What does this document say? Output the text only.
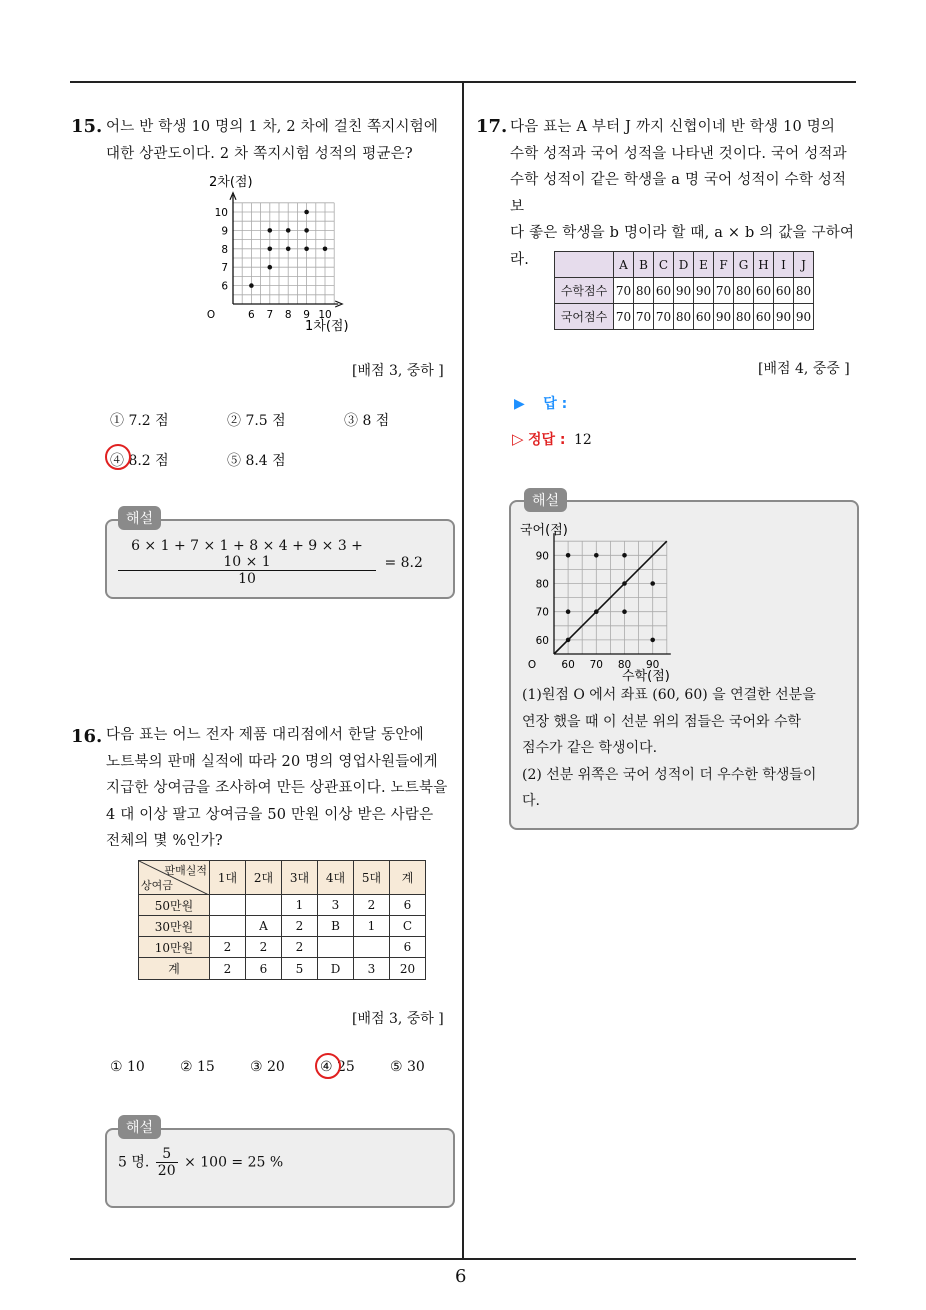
6
15. 어느 반 학생 10 명의 1 차, 2 차에 걸친 쪽지시험에
대한 상관도이다. 2 차 쪽지시험 성적의 평균은?
6 7 8 9 10
6
7
8
9
10
O
2차(점)
1차(점)
[배점 3, 중하 ]
① 7.2 점	② 7.5 점	③ 8 점
④ 8.2 점	⑤ 8.4 점
해설
$\frac{6 \times 1 + 7 \times 1 + 8 \times 4 + 9 \times 3 + 10 \times 1}{10} = 8.2$
16. 다음 표는 어느 전자 제품 대리점에서 한달 동안에
노트북의 판매 실적에 따라 20 명의 영업사원들에게
지급한 상여금을 조사하여 만든 상관표이다. 노트북을
4 대 이상 팔고 상여금을 50 만원 이상 받은 사람은
전체의 몇 %인가?
판매실적
상여금	1대	2대	3대	4대	5대	계
50만원			1	3	2	6
30만원		A	2	B	1	C
10만원	2	2	2			6
계	2	6	5	D	3	20
[배점 3, 중하 ]
① 10	② 15	③ 20	④ 25	⑤ 30
해설
5 명. $\frac{5}{20} \times 100 = 25$ %
17. 다음 표는 A 부터 J 까지 신협이네 반 학생 10 명의
수학 성적과 국어 성적을 나타낸 것이다. 국어 성적과
수학 성적이 같은 학생을 a 명 국어 성적이 수학 성적보
다 좋은 학생을 b 명이라 할 때, a × b 의 값을 구하여라.
		A	B	C	D	E	F	G	H	I	J
수학점수	70	80	60	90	90	70	80	60	60	80
국어점수	70	70	70	80	60	90	80	60	90	90
[배점 4, 중중 ]
▶ 답 :
▷ 정답 : 12
해설
60 70 80 90
60
70
80
90
O
국어(점)
수학(점)
(1)원점 O 에서 좌표 (60, 60) 을 연결한 선분을
연장 했을 때 이 선분 위의 점들은 국어와 수학
점수가 같은 학생이다.
(2) 선분 위쪽은 국어 성적이 더 우수한 학생들이
다.
